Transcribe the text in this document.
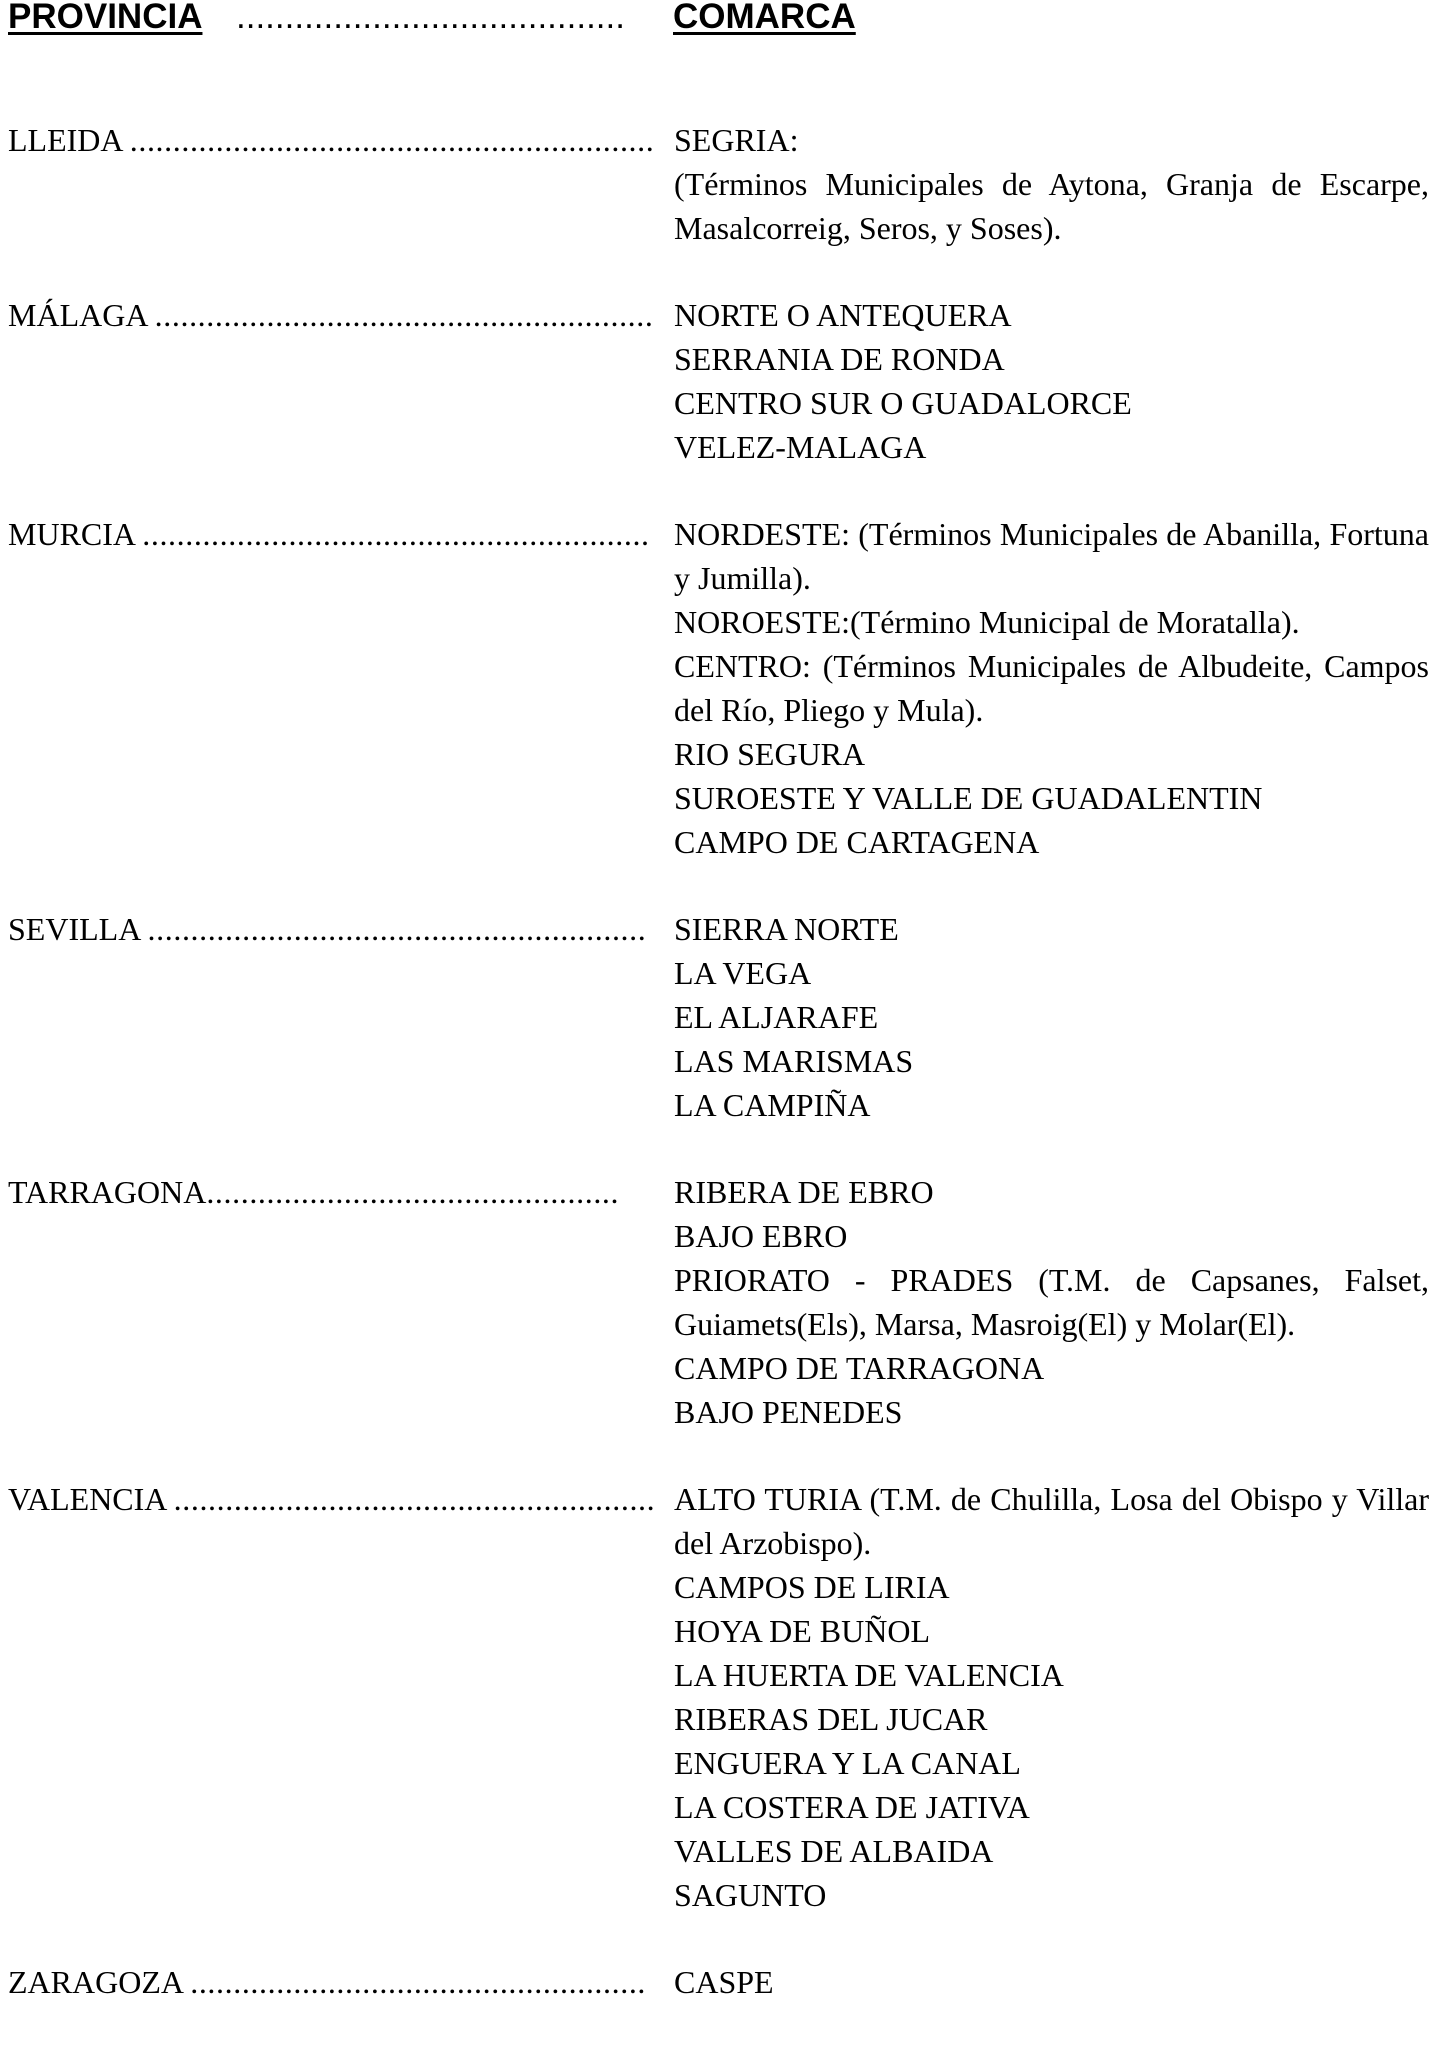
PROVINCIA ........................................ COMARCA
LLEIDA ............................................................. SEGRIA:
(Términos Municipales de Aytona, Granja de Escarpe, Masalcorreig, Seros, y Soses).
MÁLAGA .......................................................... NORTE O ANTEQUERA
SERRANIA DE RONDA
CENTRO SUR O GUADALORCE
VELEZ-MALAGA
MURCIA ........................................................... NORDESTE: (Términos Municipales de Abanilla, Fortuna y Jumilla).
NOROESTE:(Término Municipal de Moratalla).
CENTRO: (Términos Municipales de Albudeite, Campos del Río, Pliego y Mula).
RIO SEGURA
SUROESTE Y VALLE DE GUADALENTIN
CAMPO DE CARTAGENA
SEVILLA .......................................................... SIERRA NORTE
LA VEGA
EL ALJARAFE
LAS MARISMAS
LA CAMPIÑA
TARRAGONA................................................	RIBERA DE EBRO
BAJO EBRO
PRIORATO - PRADES (T.M. de Capsanes, Falset, Guiamets(Els), Marsa, Masroig(El) y Molar(El).
CAMPO DE TARRAGONA
BAJO PENEDES
VALENCIA ........................................................ ALTO TURIA (T.M. de Chulilla, Losa del Obispo y Villar del Arzobispo).
CAMPOS DE LIRIA
HOYA DE BUÑOL
LA HUERTA DE VALENCIA
RIBERAS DEL JUCAR
ENGUERA Y LA CANAL
LA COSTERA DE JATIVA
VALLES DE ALBAIDA
SAGUNTO
ZARAGOZA ..................................................... CASPE
